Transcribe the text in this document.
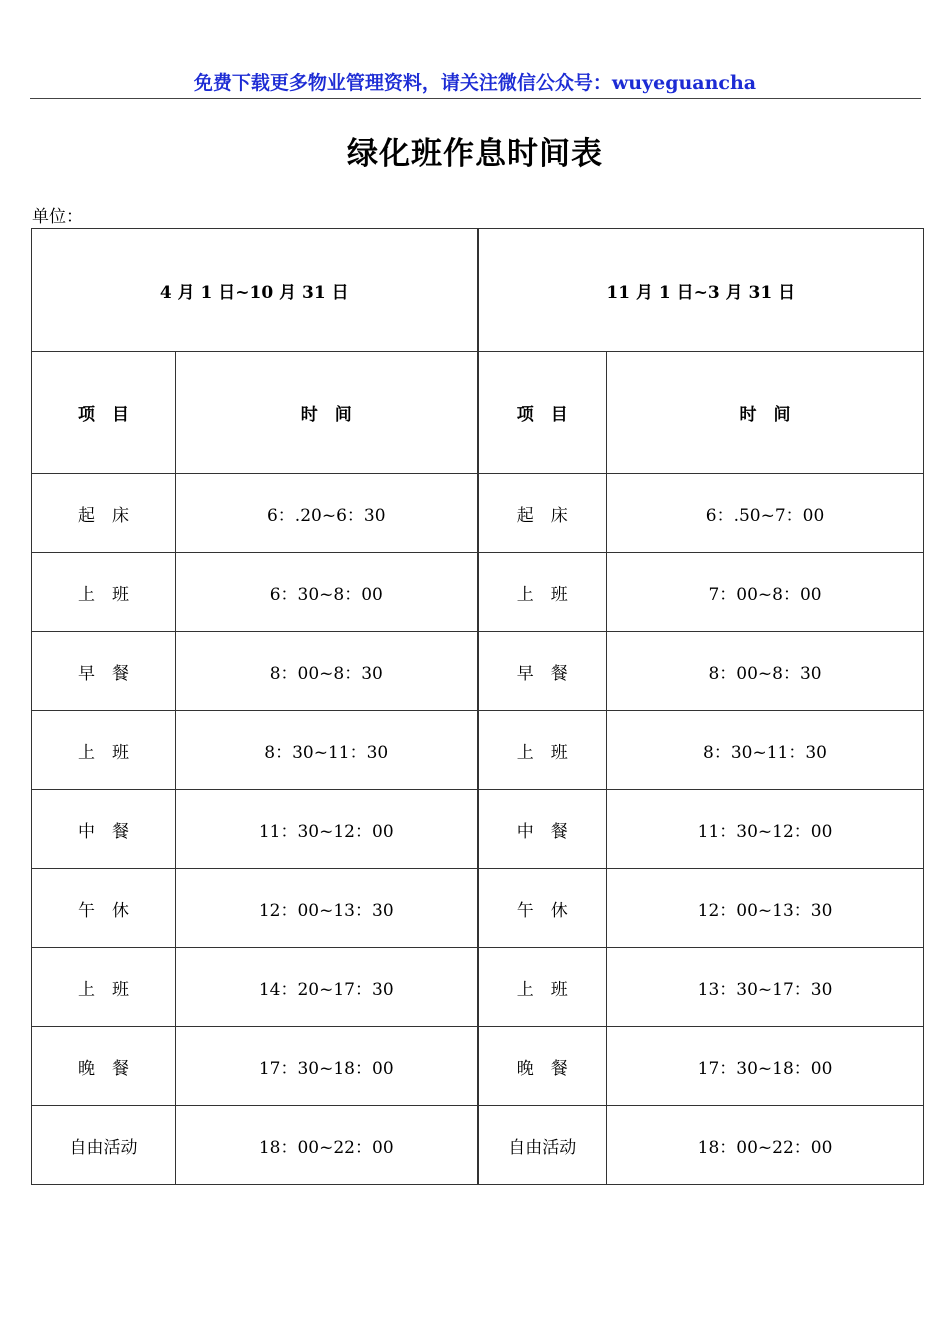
免费下载更多物业管理资料，请关注微信公众号：wuyeguancha
绿化班作息时间表
单位：
4 月 1 日~10 月 31 日		11 月 1 日~3 月 31 日	
项　目	时　间	项　目	时　间
起　床	6：.20~6：30	起　床	6：.50~7：00
上　班	6：30~8：00	上　班	7：00~8：00
早　餐	8：00~8：30	早　餐	8：00~8：30
上　班	8：30~11：30	上　班	8：30~11：30
中　餐	11：30~12：00	中　餐	11：30~12：00
午　休	12：00~13：30	午　休	12：00~13：30
上　班	14：20~17：30	上　班	13：30~17：30
晚　餐	17：30~18：00	晚　餐	17：30~18：00
自由活动	18：00~22：00	自由活动	18：00~22：00
